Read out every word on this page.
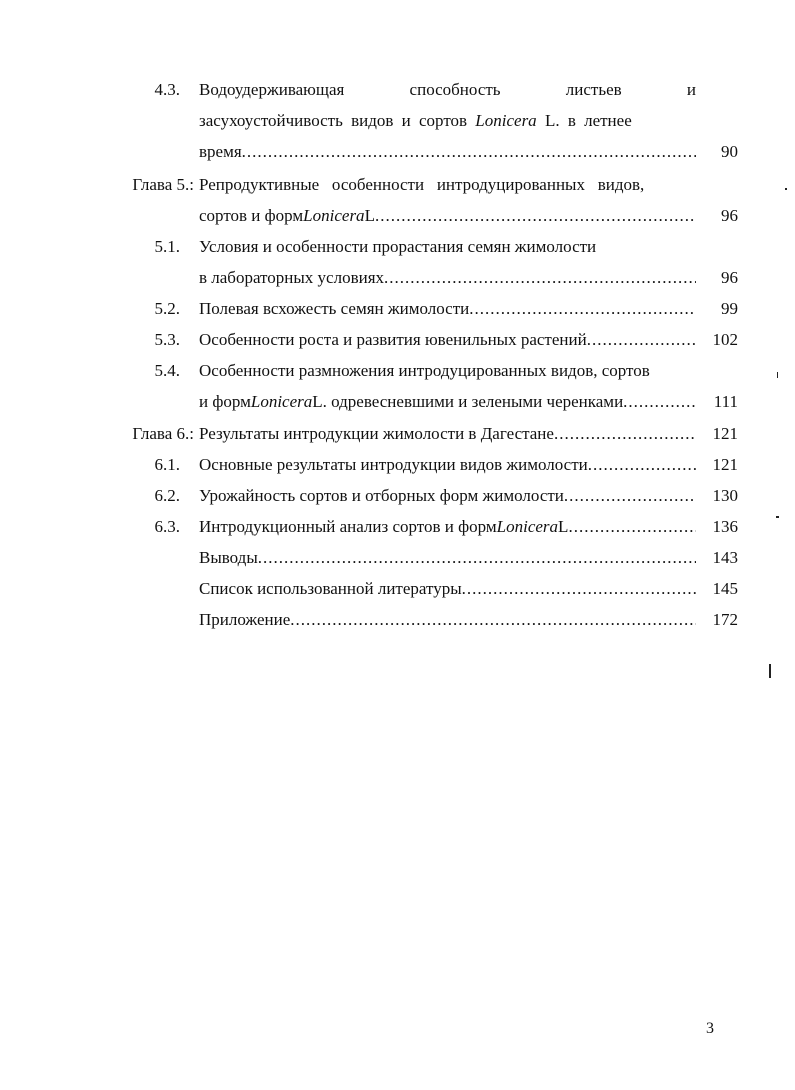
4.3. Водоудерживающая	способность	листьев	и
засухоустойчивость видов и сортов Lonicera L. в летнее
время .....	90
Глава 5.: Репродуктивные   особенности   интродуцированных   видов,
сортов и форм Lonicera L .....	96
5.1. Условия и особенности прорастания семян жимолости
в лабораторных условиях .....	96
5.2. Полевая всхожесть семян жимолости .....	99
5.3. Особенности роста и развития ювенильных растений .....	102
5.4. Особенности размножения интродуцированных видов, сортов
и форм Lonicera L. одревесневшими и зелеными черенками .....	111
Глава 6.: Результаты интродукции жимолости в Дагестане .....	121
6.1. Основные результаты интродукции видов жимолости .....	121
6.2. Урожайность сортов и отборных форм жимолости .....	130
6.3. Интродукционный анализ сортов и форм Lonicera L .....	136
Выводы .....	143
Список использованной литературы .....	145
Приложение .....	172
3
